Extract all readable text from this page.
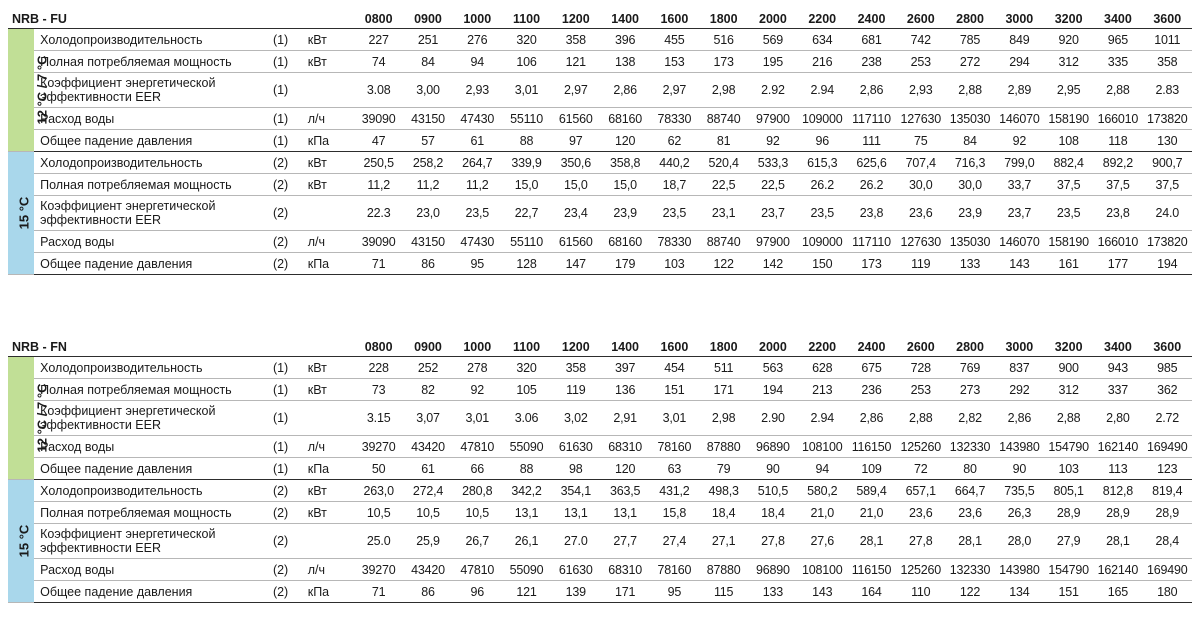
NRB - FU				0800	0900	1000	1100	1200	1400	1600	1800	2000	2200	2400	2600	2800	3000	3200	3400	3600
12 °C / 7 °C	Холодопроизводительность	(1)	кВт	227	251	276	320	358	396	455	516	569	634	681	742	785	849	920	965	1011
	Полная потребляемая мощность	(1)	кВт	74	84	94	106	121	138	153	173	195	216	238	253	272	294	312	335	358
	Коэффициент энергетической эффективности EER	(1)		3.08	3,00	2,93	3,01	2,97	2,86	2,97	2,98	2.92	2.94	2,86	2,93	2,88	2,89	2,95	2,88	2.83
	Расход воды	(1)	л/ч	39090	43150	47430	55110	61560	68160	78330	88740	97900	109000	117110	127630	135030	146070	158190	166010	173820
	Общее падение давления	(1)	кПа	47	57	61	88	97	120	62	81	92	96	111	75	84	92	108	118	130
15 °C	Холодопроизводительность	(2)	кВт	250,5	258,2	264,7	339,9	350,6	358,8	440,2	520,4	533,3	615,3	625,6	707,4	716,3	799,0	882,4	892,2	900,7
	Полная потребляемая мощность	(2)	кВт	11,2	11,2	11,2	15,0	15,0	15,0	18,7	22,5	22,5	26.2	26.2	30,0	30,0	33,7	37,5	37,5	37,5
	Коэффициент энергетической эффективности EER	(2)		22.3	23,0	23,5	22,7	23,4	23,9	23,5	23,1	23,7	23,5	23,8	23,6	23,9	23,7	23,5	23,8	24.0
	Расход воды	(2)	л/ч	39090	43150	47430	55110	61560	68160	78330	88740	97900	109000	117110	127630	135030	146070	158190	166010	173820
	Общее падение давления	(2)	кПа	71	86	95	128	147	179	103	122	142	150	173	119	133	143	161	177	194
NRB - FN				0800	0900	1000	1100	1200	1400	1600	1800	2000	2200	2400	2600	2800	3000	3200	3400	3600
12 °C / 7 °C	Холодопроизводительность	(1)	кВт	228	252	278	320	358	397	454	511	563	628	675	728	769	837	900	943	985
	Полная потребляемая мощность	(1)	кВт	73	82	92	105	119	136	151	171	194	213	236	253	273	292	312	337	362
	Коэффициент энергетической эффективности EER	(1)		3.15	3,07	3,01	3.06	3,02	2,91	3,01	2,98	2.90	2.94	2,86	2,88	2,82	2,86	2,88	2,80	2.72
	Расход воды	(1)	л/ч	39270	43420	47810	55090	61630	68310	78160	87880	96890	108100	116150	125260	132330	143980	154790	162140	169490
	Общее падение давления	(1)	кПа	50	61	66	88	98	120	63	79	90	94	109	72	80	90	103	113	123
15 °C	Холодопроизводительность	(2)	кВт	263,0	272,4	280,8	342,2	354,1	363,5	431,2	498,3	510,5	580,2	589,4	657,1	664,7	735,5	805,1	812,8	819,4
	Полная потребляемая мощность	(2)	кВт	10,5	10,5	10,5	13,1	13,1	13,1	15,8	18,4	18,4	21,0	21,0	23,6	23,6	26,3	28,9	28,9	28,9
	Коэффициент энергетической эффективности EER	(2)		25.0	25,9	26,7	26,1	27.0	27,7	27,4	27,1	27,8	27,6	28,1	27,8	28,1	28,0	27,9	28,1	28,4
	Расход воды	(2)	л/ч	39270	43420	47810	55090	61630	68310	78160	87880	96890	108100	116150	125260	132330	143980	154790	162140	169490
	Общее падение давления	(2)	кПа	71	86	96	121	139	171	95	115	133	143	164	110	122	134	151	165	180
